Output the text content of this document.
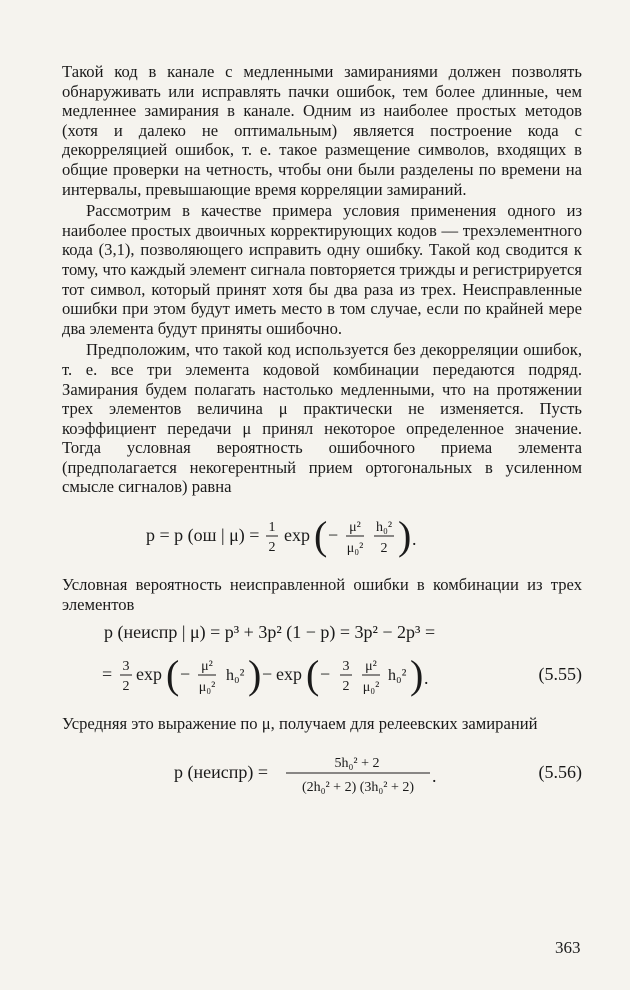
Такой код в канале с медленными замираниями должен позволять обнаруживать или исправлять пачки ошибок, тем более длинные, чем медленнее замирания в канале. Одним из наиболее простых методов (хотя и далеко не оптимальным) является построение кода с декорреляцией ошибок, т. е. такое размещение символов, входящих в общие проверки на четность, чтобы они были разделены по времени на интервалы, превышающие время корреляции замираний.

Рассмотрим в качестве примера условия применения одного из наиболее простых двоичных корректирующих кодов — трехэлементного кода (3,1), позволяющего исправить одну ошибку. Такой код сводится к тому, что каждый элемент сигнала повторяется трижды и регистрируется тот символ, который принят хотя бы два раза из трех. Неисправленные ошибки при этом будут иметь место в том случае, если по крайней мере два элемента будут приняты ошибочно.

Предположим, что такой код используется без декорреляции ошибок, т. е. все три элемента кодовой комбинации передаются подряд. Замирания будем полагать настолько медленными, что на протяжении трех элементов величина μ практически не изменяется. Пусть коэффициент передачи μ принял некоторое определенное значение. Тогда условная вероятность ошибочного приема элемента (предполагается некогерентный прием ортогональных в усиленном смысле сигналов) равна

p = p (ош | μ) = 1
2
exp ( − μ²
μ₀²
h₀²
2 ) .

Условная вероятность неисправленной ошибки в комбинации из трех элементов

p (неиспр | μ) = p³ + 3p² (1 − p) = 3p² − 2p³ =
= 3
2
exp ( − μ²
μ₀²
h₀² ) − exp ( − 3
2
μ²
μ₀²
h₀² ) .	(5.55)

Усредняя это выражение по μ, получаем для релеевских замираний

p (неиспр) =	5h₀² + 2
(2h₀² + 2) (3h₀² + 2)
.	(5.56)
363
